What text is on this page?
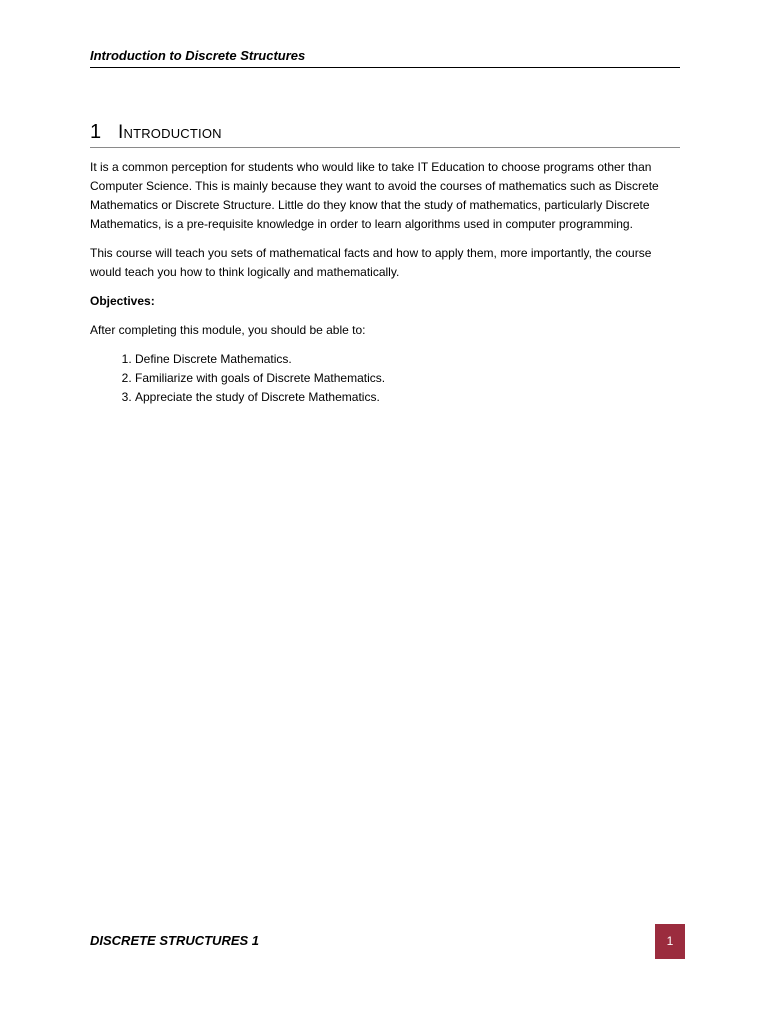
Introduction to Discrete Structures
1 Introduction

It is a common perception for students who would like to take IT Education to choose programs other than Computer Science. This is mainly because they want to avoid the courses of mathematics such as Discrete Mathematics or Discrete Structure. Little do they know that the study of mathematics, particularly Discrete Mathematics, is a pre-requisite knowledge in order to learn algorithms used in computer programming.

This course will teach you sets of mathematical facts and how to apply them, more importantly, the course would teach you how to think logically and mathematically.

Objectives:

After completing this module, you should be able to:

1. Define Discrete Mathematics.
2. Familiarize with goals of Discrete Mathematics.
3. Appreciate the study of Discrete Mathematics.
DISCRETE STRUCTURES 1	1
